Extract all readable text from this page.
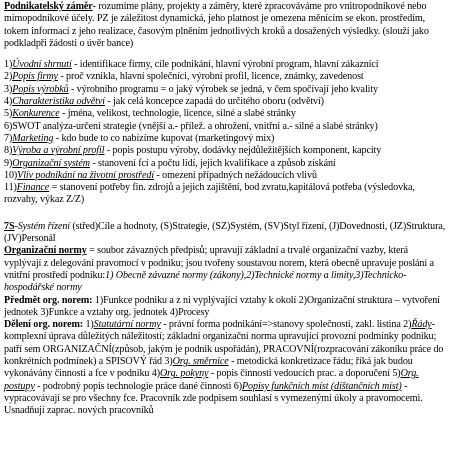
Podnikatelský záměr- rozumíme plány, projekty a záměry, které zpracováváme pro vnitropodnikové nebo mimopodnikové účely. PZ je záležitost dynamická, jeho platnost je omezena měnícím se ekon. prostředím, tokem informací z jeho realizace, časovým plněním jednotlivých kroků a dosažených výsledky. (slouží jako podkladpři žádosti o úvěr bance)

1)Úvodní shrnutí - identifikace firmy, cíle podnikání, hlavní výrobní program, hlavní zákazníci

2)Popis firmy - proč vznikla, hlavní společníci, výrobní profil, licence, známky, zavedenost

3)Popis výrobků - výrobního programu = o jaký výrobek se jedná, v čem spočívají jeho kvality

4)Charakteristika odvětví - jak celá koncepce zapadá do určitého oboru (odvětví)

5)Konkurence - jména, velikost, technologie, licence, silné a slabé stránky

6)SWOT analýza-určení strategie (vnější a.- přílež. a ohrožení, vnitřní a.- silné a slabé stránky)

7)Marketing - kdo bude to co nabízíme kupovat (marketingový mix)

8)Výroba a výrobní profil - popis postupu výroby, dodávky nejdůležitějších komponent, kapcity

9)Organizační systém - stanovení fcí a počtu lidí, jejich kvalifikace a způsob získání

10)Vliv podnikání na životní prostředí - omezení případných nežádoucích vlivů

11)Finance = stanovení potřeby fin. zdrojů a jejich zajištění, bod zvratu,kapitálová potřeba (výsledovka, rozvahy, výkaz Z/Z)

7S-Systém řízení (střed)Cíle a hodnoty, (S)Strategie, (SZ)Systém, (SV)Styl řízení, (J)Dovednosti, (JZ)Struktura, (JV)Personál

Organizační normy = soubor závazných předpisů; upravují základní a trvalé organizační vazby, která vyplývají z delegování pravomocí v podniku; jsou tvořeny soustavou norem, která obecně upravuje poslání a vnitřní prostředí podniku:1) Obecně závazné normy (zákony),2)Technické normy a limity,3)Technicko-hospodářské normy

Předmět org. norem: 1)Funkce podniku a z ni vyplývající vztahy k okolí 2)Organizační struktura – vytvoření jednotek 3)Funkce a vztahy org. jednotek 4)Procesy

Dělení org. norem: 1)Statutární normy - právní forma podnikání=>stanovy společnosti, zakl. listina 2)Řády-komplexní úprava důležitých náležitostí; základní organizační norma upravující provozní podmínky podniku; patří sem ORGANIZAČNÍ(způsob, jakým je podnik uspořádán), PRACOVNÍ(rozpracování zákoníku práce do konkrétních podmínek) a SPISOVÝ řád 3)Org. směrnice - metodická konkretizace řádu; říká jak budou vykonávány činnosti a fce v podniku 4)Org. pokyny - popis činností vedoucích prac. a doporučení 5)Org. postupy - podrobný popis technologie práce dané činnosti 6)Popisy funkčních míst (dištančních míst) - vypracovávají se pro všechny fce. Pracovník zde podpisem souhlasí s vymezenými úkoly a pravomocemi. Usnadňují zaprac. nových pracovníků
